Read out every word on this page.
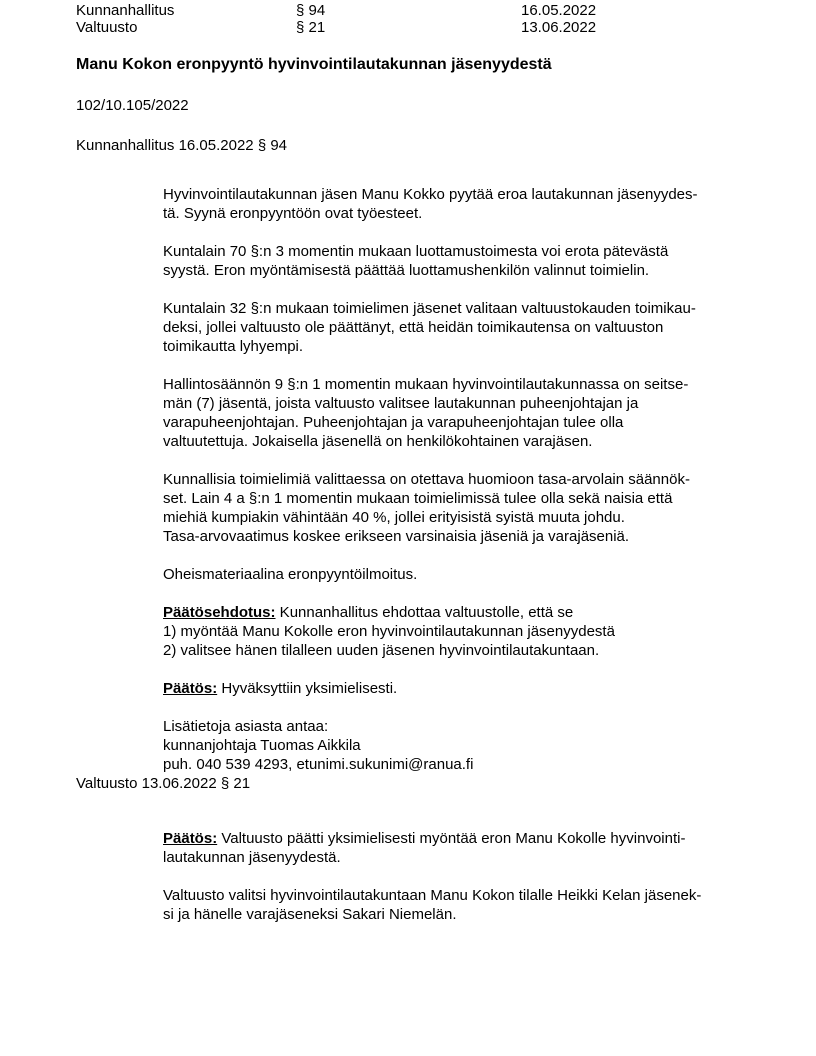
Kunnanhallitus	§ 94	16.05.2022
Valtuusto	§ 21	13.06.2022
Manu Kokon eronpyyntö hyvinvointilautakunnan jäsenyydestä
102/10.105/2022
Kunnanhallitus 16.05.2022 § 94
Hyvinvointilautakunnan jäsen Manu Kokko pyytää eroa lautakunnan jäsenyydes-
tä. Syynä eronpyyntöön ovat työesteet.
Kuntalain 70 §:n 3 momentin mukaan luottamustoimesta voi erota pätevästä
syystä. Eron myöntämisestä päättää luottamushenkilön valinnut toimielin.
Kuntalain 32 §:n mukaan toimielimen jäsenet valitaan valtuustokauden toimikau-
deksi, jollei valtuusto ole päättänyt, että heidän toimikautensa on valtuuston
toimikautta lyhyempi.
Hallintosäännön 9 §:n 1 momentin mukaan hyvinvointilautakunnassa on seitse-
män (7) jäsentä, joista valtuusto valitsee lautakunnan puheenjohtajan ja
varapuheenjohtajan. Puheenjohtajan ja varapuheenjohtajan tulee olla
valtuutettuja. Jokaisella jäsenellä on henkilökohtainen varajäsen.
Kunnallisia toimielimiä valittaessa on otettava huomioon tasa-arvolain säännök-
set. Lain 4 a §:n 1 momentin mukaan toimielimissä tulee olla sekä naisia että
miehiä kumpiakin vähintään 40 %, jollei erityisistä syistä muuta johdu.
Tasa-arvovaatimus koskee erikseen varsinaisia jäseniä ja varajäseniä.
Oheismateriaalina eronpyyntöilmoitus.
Päätösehdotus: Kunnanhallitus ehdottaa valtuustolle, että se
1) myöntää Manu Kokolle eron hyvinvointilautakunnan jäsenyydestä
2) valitsee hänen tilalleen uuden jäsenen hyvinvointilautakuntaan.
Päätös: Hyväksyttiin yksimielisesti.
Lisätietoja asiasta antaa:
kunnanjohtaja Tuomas Aikkila
puh. 040 539 4293, etunimi.sukunimi@ranua.fi
Valtuusto 13.06.2022 § 21
Päätös: Valtuusto päätti yksimielisesti myöntää eron Manu Kokolle hyvinvointi-
lautakunnan jäsenyydestä.
Valtuusto valitsi hyvinvointilautakuntaan Manu Kokon tilalle Heikki Kelan jäsenek-
si ja hänelle varajäseneksi Sakari Niemelän.
